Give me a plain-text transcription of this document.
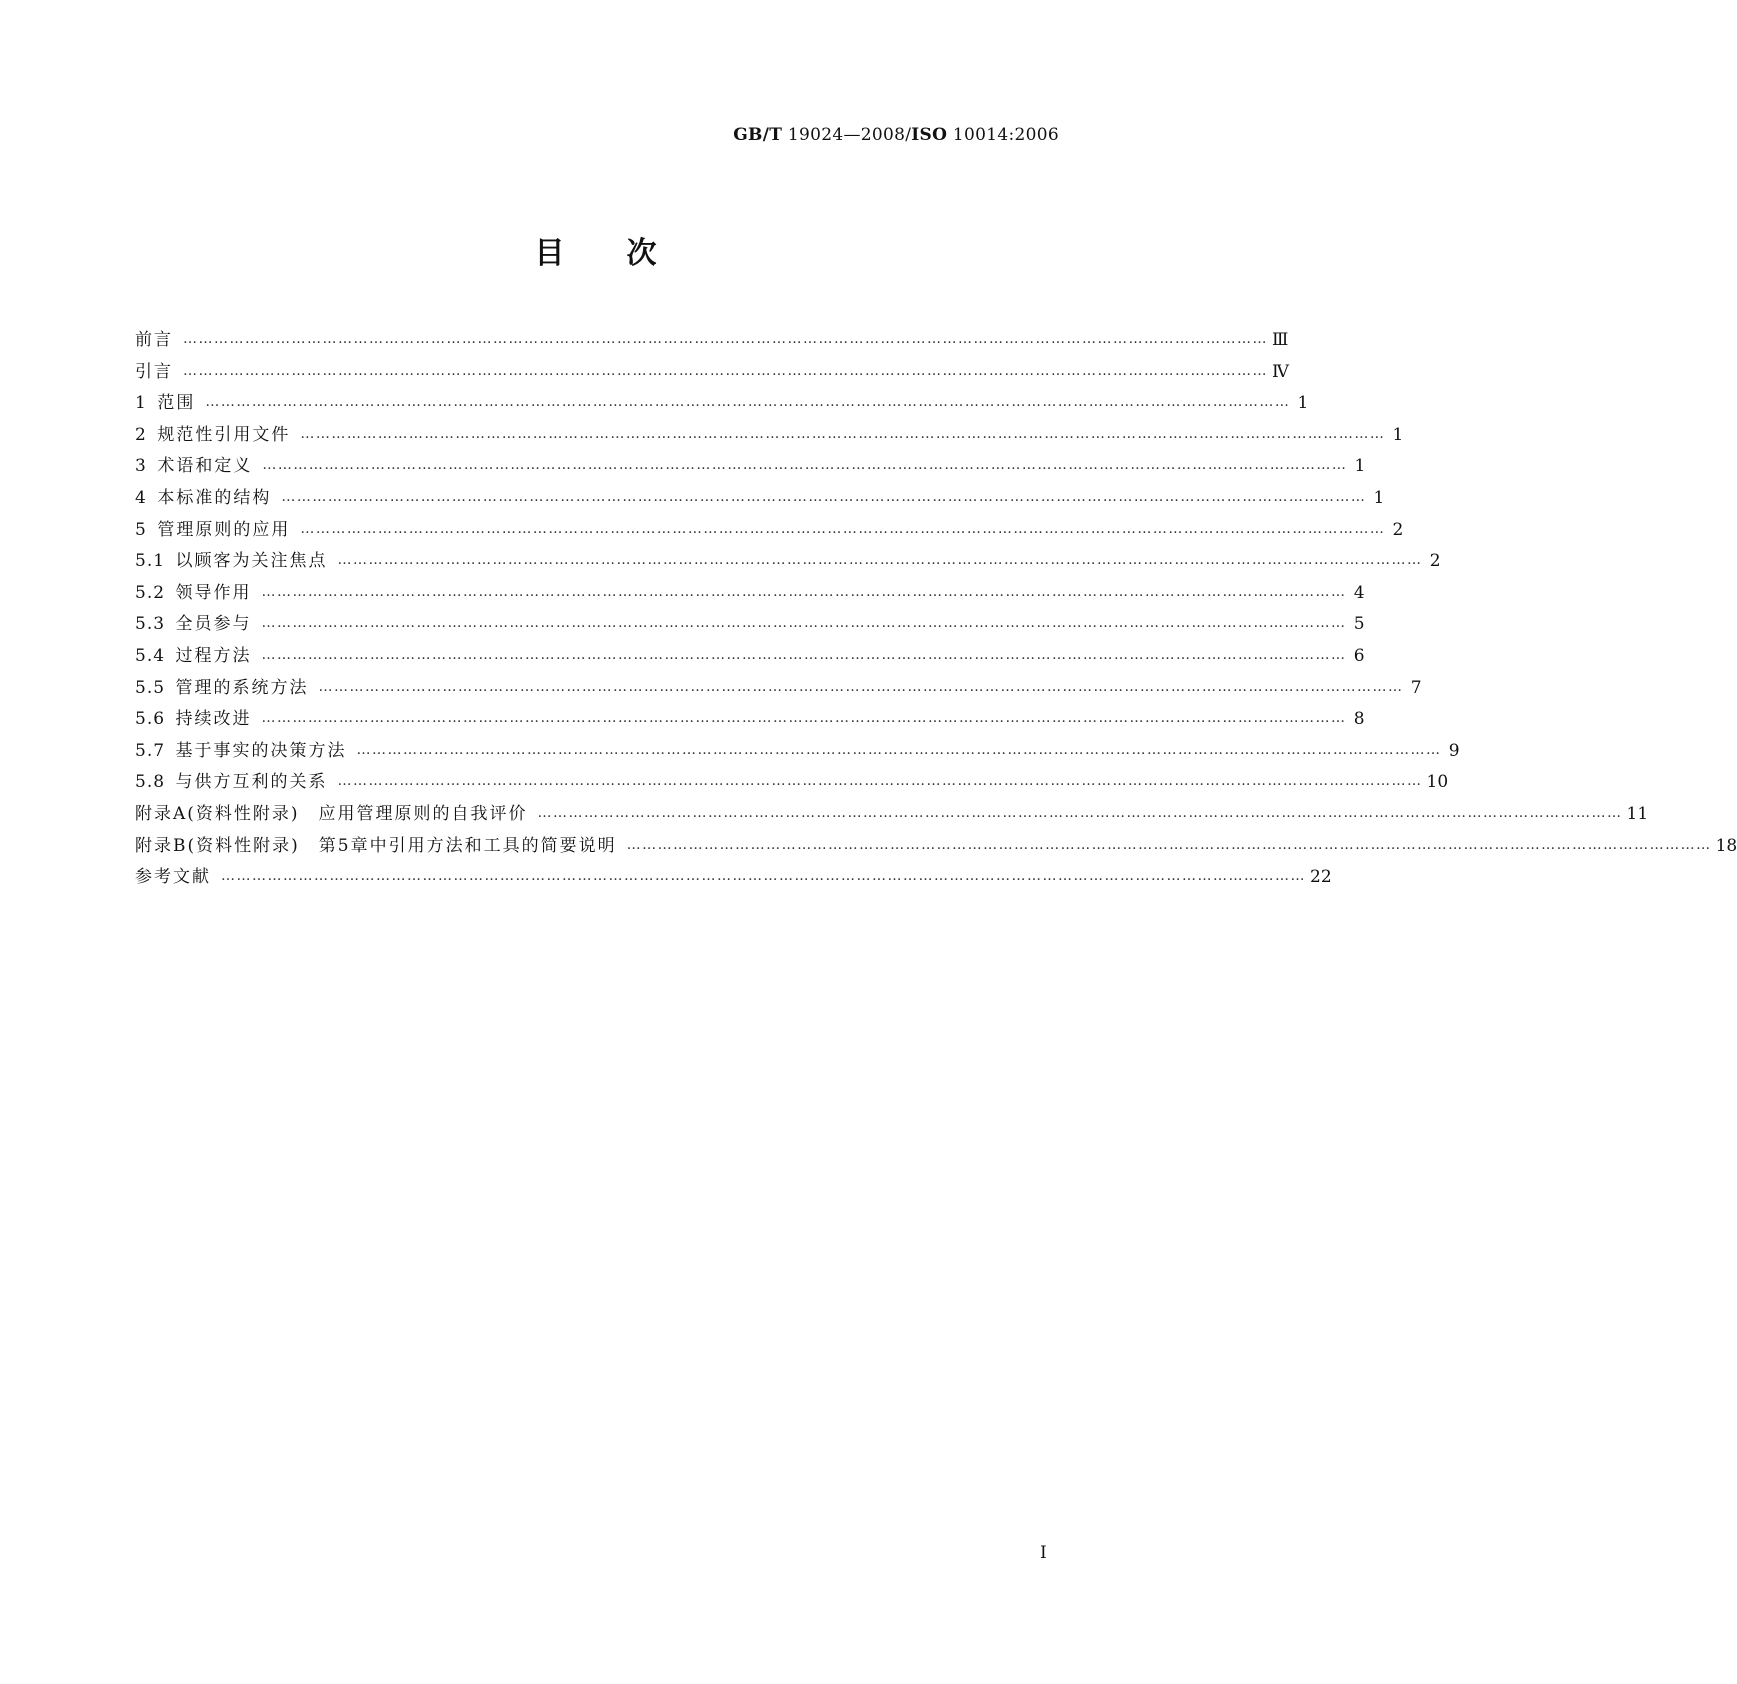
GB/T 19024—2008/ISO 10014:2006
目次
前言 ………………………………………………………………………………………………………………………………………………………………………………………… Ⅲ
引言 ………………………………………………………………………………………………………………………………………………………………………………………… Ⅳ
1  范围 ………………………………………………………………………………………………………………………………………………………………………………………… 1
2  规范性引用文件 ………………………………………………………………………………………………………………………………………………………………………………………… 1
3  术语和定义 ………………………………………………………………………………………………………………………………………………………………………………………… 1
4  本标准的结构 ………………………………………………………………………………………………………………………………………………………………………………………… 1
5  管理原则的应用 ………………………………………………………………………………………………………………………………………………………………………………………… 2
5.1  以顾客为关注焦点 ………………………………………………………………………………………………………………………………………………………………………………………… 2
5.2  领导作用 ………………………………………………………………………………………………………………………………………………………………………………………… 4
5.3  全员参与 ………………………………………………………………………………………………………………………………………………………………………………………… 5
5.4  过程方法 ………………………………………………………………………………………………………………………………………………………………………………………… 6
5.5  管理的系统方法 ………………………………………………………………………………………………………………………………………………………………………………………… 7
5.6  持续改进 ………………………………………………………………………………………………………………………………………………………………………………………… 8
5.7  基于事实的决策方法 ………………………………………………………………………………………………………………………………………………………………………………………… 9
5.8  与供方互利的关系 ………………………………………………………………………………………………………………………………………………………………………………………… 10
附录A(资料性附录)　应用管理原则的自我评价 ………………………………………………………………………………………………………………………………………………………………………………………… 11
附录B(资料性附录)　第5章中引用方法和工具的简要说明 ………………………………………………………………………………………………………………………………………………………………………………………… 18
参考文献 ………………………………………………………………………………………………………………………………………………………………………………………… 22
I
